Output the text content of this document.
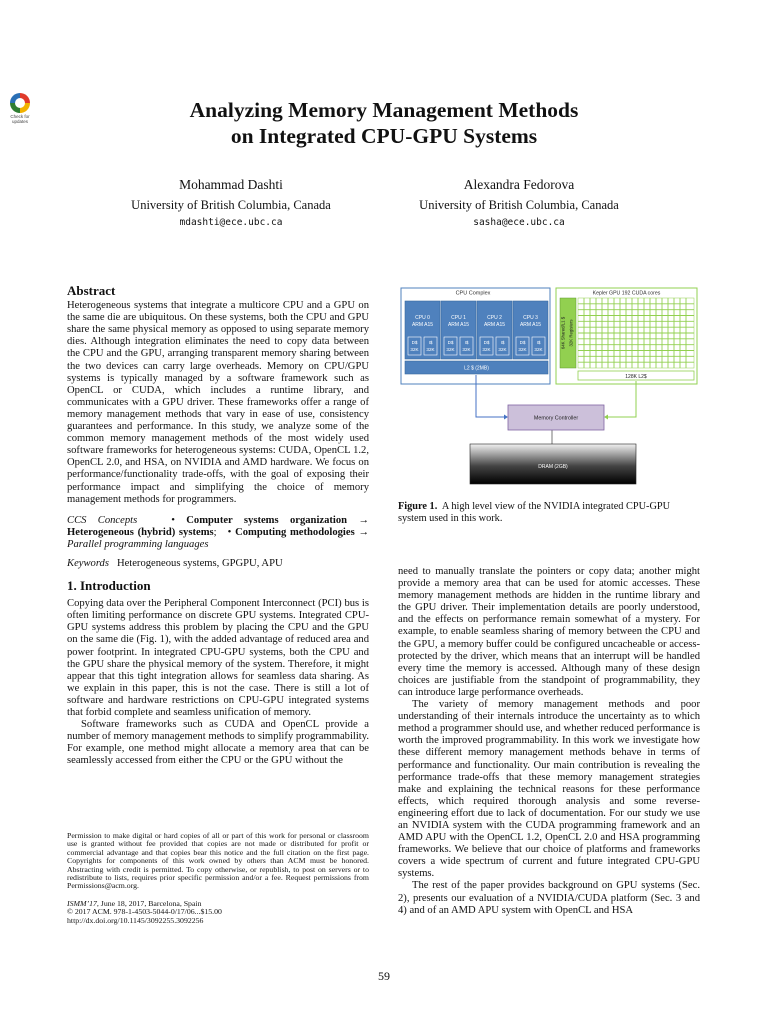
Check for updates	Analyzing Memory Management Methods
on Integrated CPU-GPU Systems
Mohammad Dashti
University of British Columbia, Canada
mdashti@ece.ubc.ca
Alexandra Fedorova
University of British Columbia, Canada
sasha@ece.ubc.ca
Abstract

Heterogeneous systems that integrate a multicore CPU and a GPU on the same die are ubiquitous. On these systems, both the CPU and GPU share the same physical memory as opposed to using separate memory dies. Although integration eliminates the need to copy data between the CPU and the GPU, arranging transparent memory sharing between the two devices can carry large overheads. Memory on CPU/GPU systems is typically managed by a software framework such as OpenCL or CUDA, which includes a runtime library, and communicates with a GPU driver. These frameworks offer a range of memory management methods that vary in ease of use, consistency guarantees and performance. In this study, we analyze some of the common memory management methods of the most widely used software frameworks for heterogeneous systems: CUDA, OpenCL 1.2, OpenCL 2.0, and HSA, on NVIDIA and AMD hardware. We focus on performance/functionality trade-offs, with the goal of exposing their performance impact and simplifying the choice of memory management methods for programmers.

CCS Concepts   • Computer systems organization → Heterogeneous (hybrid) systems;   • Computing methodologies → Parallel programming languages
Keywords Heterogeneous systems, GPGPU, APU
1. Introduction

Copying data over the Peripheral Component Interconnect (PCI) bus is often limiting performance on discrete GPU systems. Integrated CPU-GPU systems address this problem by placing the CPU and the GPU on the same die (Fig. 1), with the added advantage of reduced area and power footprint. In integrated CPU-GPU systems, both the CPU and the GPU share the physical memory of the system. Therefore, it might appear that this tight integration allows for seamless data sharing. As we explain in this paper, this is not the case. There is still a lot of software and hardware restrictions on CPU-GPU integrated systems that forbid complete and seamless unification of memory.

Software frameworks such as CUDA and OpenCL provide a number of memory management methods to simplify programmability. For example, one method might allocate a memory area that can be seamlessly accessed from either the CPU or the GPU without the

Permission to make digital or hard copies of all or part of this work for personal or classroom use is granted without fee provided that copies are not made or distributed for profit or commercial advantage and that copies bear this notice and the full citation on the first page. Copyrights for components of this work owned by others than ACM must be honored. Abstracting with credit is permitted. To copy otherwise, or republish, to post on servers or to redistribute to lists, requires prior specific permission and/or a fee. Request permissions from Permissions@acm.org.

ISMM’17, June 18, 2017, Barcelona, Spain

© 2017 ACM. 978-1-4503-5044-0/17/06...$15.00

http://dx.doi.org/10.1145/3092255.3092256

CPU Complex
CPU 0
ARM A15
D$
32K
I$
32K
CPU 1
ARM A15
D$
32K
I$
32K
CPU 2
ARM A15
D$
32K
I$
32K
CPU 3
ARM A15
D$
32K
I$
32K
L2 $ (2MB)
Kepler GPU 192 CUDA cores
64K Shared/L1 $ 32K Registers
128K L2$
Memory Controller
DRAM (2GB)
Figure 1. A high level view of the NVIDIA integrated CPU-GPU system used in this work.

need to manually translate the pointers or copy data; another might provide a memory area that can be used for atomic accesses. These memory management methods are hidden in the runtime library and the GPU driver. Their implementation details are poorly understood, and the effects on performance remain somewhat of a mystery. For example, to enable seamless sharing of memory between the CPU and the GPU, a memory buffer could be configured uncacheable or access-protected by the driver, which means that an interrupt will be handled every time the memory is accessed. Although many of these design choices are justifiable from the standpoint of programmability, they can introduce large performance overheads.

The variety of memory management methods and poor understanding of their internals introduce the uncertainty as to which method a programmer should use, and whether reduced performance is worth the improved programmability. In this work we investigate how these different memory management methods behave in terms of performance and functionality. Our main contribution is revealing the performance trade-offs that these memory management strategies make and explaining the technical reasons for these performance effects, which required thorough analysis and some reverse-engineering effort due to lack of documentation. For our study we use an NVIDIA system with the CUDA programming framework and an AMD APU with the OpenCL 1.2, OpenCL 2.0 and HSA programming frameworks. We believe that our choice of platforms and frameworks covers a wide spectrum of current and future integrated CPU-GPU systems.

The rest of the paper provides background on GPU systems (Sec. 2), presents our evaluation of a NVIDIA/CUDA platform (Sec. 3 and 4) and of an AMD APU system with OpenCL and HSA

59
